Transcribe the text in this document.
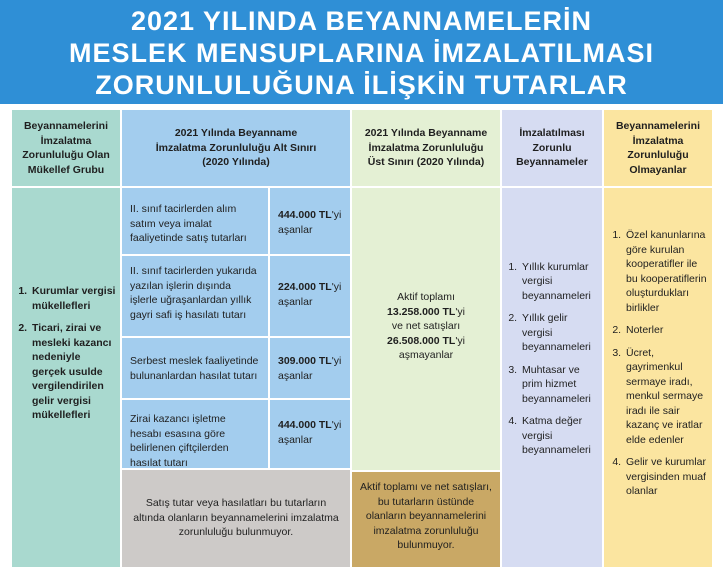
2021 YILINDA BEYANNAMELERİN
MESLEK MENSUPLARINA İMZALATILMASI
ZORUNLULUĞUNA İLİŞKİN TUTARLAR
Beyannamelerini İmzalatma Zorunluluğu Olan Mükellef Grubu
2021 Yılında Beyanname İmzalatma Zorunluluğu Alt Sınırı (2020 Yılında)
2021 Yılında Beyanname İmzalatma Zorunluluğu Üst Sınırı (2020 Yılında)
İmzalatılması Zorunlu Beyannameler
Beyannamelerini İmzalatma Zorunluluğu Olmayanlar
1. Kurumlar vergisi mükellefleri
2. Ticari, zirai ve mesleki kazancı nedeniyle gerçek usulde vergilendirilen gelir vergisi mükellefleri
II. sınıf tacirlerden alım satım veya imalat faaliyetinde satış tutarları
444.000 TL'yi aşanlar
II. sınıf tacirlerden yukarıda yazılan işlerin dışında işlerle uğraşanlardan yıllık gayri safi iş hasılatı tutarı
224.000 TL'yi aşanlar
Serbest meslek faaliyetinde bulunanlardan hasılat tutarı
309.000 TL'yi aşanlar
Zirai kazancı işletme hesabı esasına göre belirlenen çiftçilerden hasılat tutarı
444.000 TL'yi aşanlar
Satış tutar veya hasılatları bu tutarların altında olanların beyannamelerini imzalatma zorunluluğu bulunmuyor.
Aktif toplamı
13.258.000 TL'yi
ve net satışları
26.508.000 TL'yi
aşmayanlar
Aktif toplamı ve net satışları, bu tutarların üstünde olanların beyannamelerini imzalatma zorunluluğu bulunmuyor.
1. Yıllık kurumlar vergisi beyannameleri
2. Yıllık gelir vergisi beyannameleri
3. Muhtasar ve prim hizmet beyannameleri
4. Katma değer vergisi beyannameleri
1. Özel kanunlarına göre kurulan kooperatifler ile bu kooperatiflerin oluşturdukları birlikler
2. Noterler
3. Ücret, gayrimenkul sermaye iradı, menkul sermaye iradı ile sair kazanç ve iratlar elde edenler
4. Gelir ve kurumlar vergisinden muaf olanlar
